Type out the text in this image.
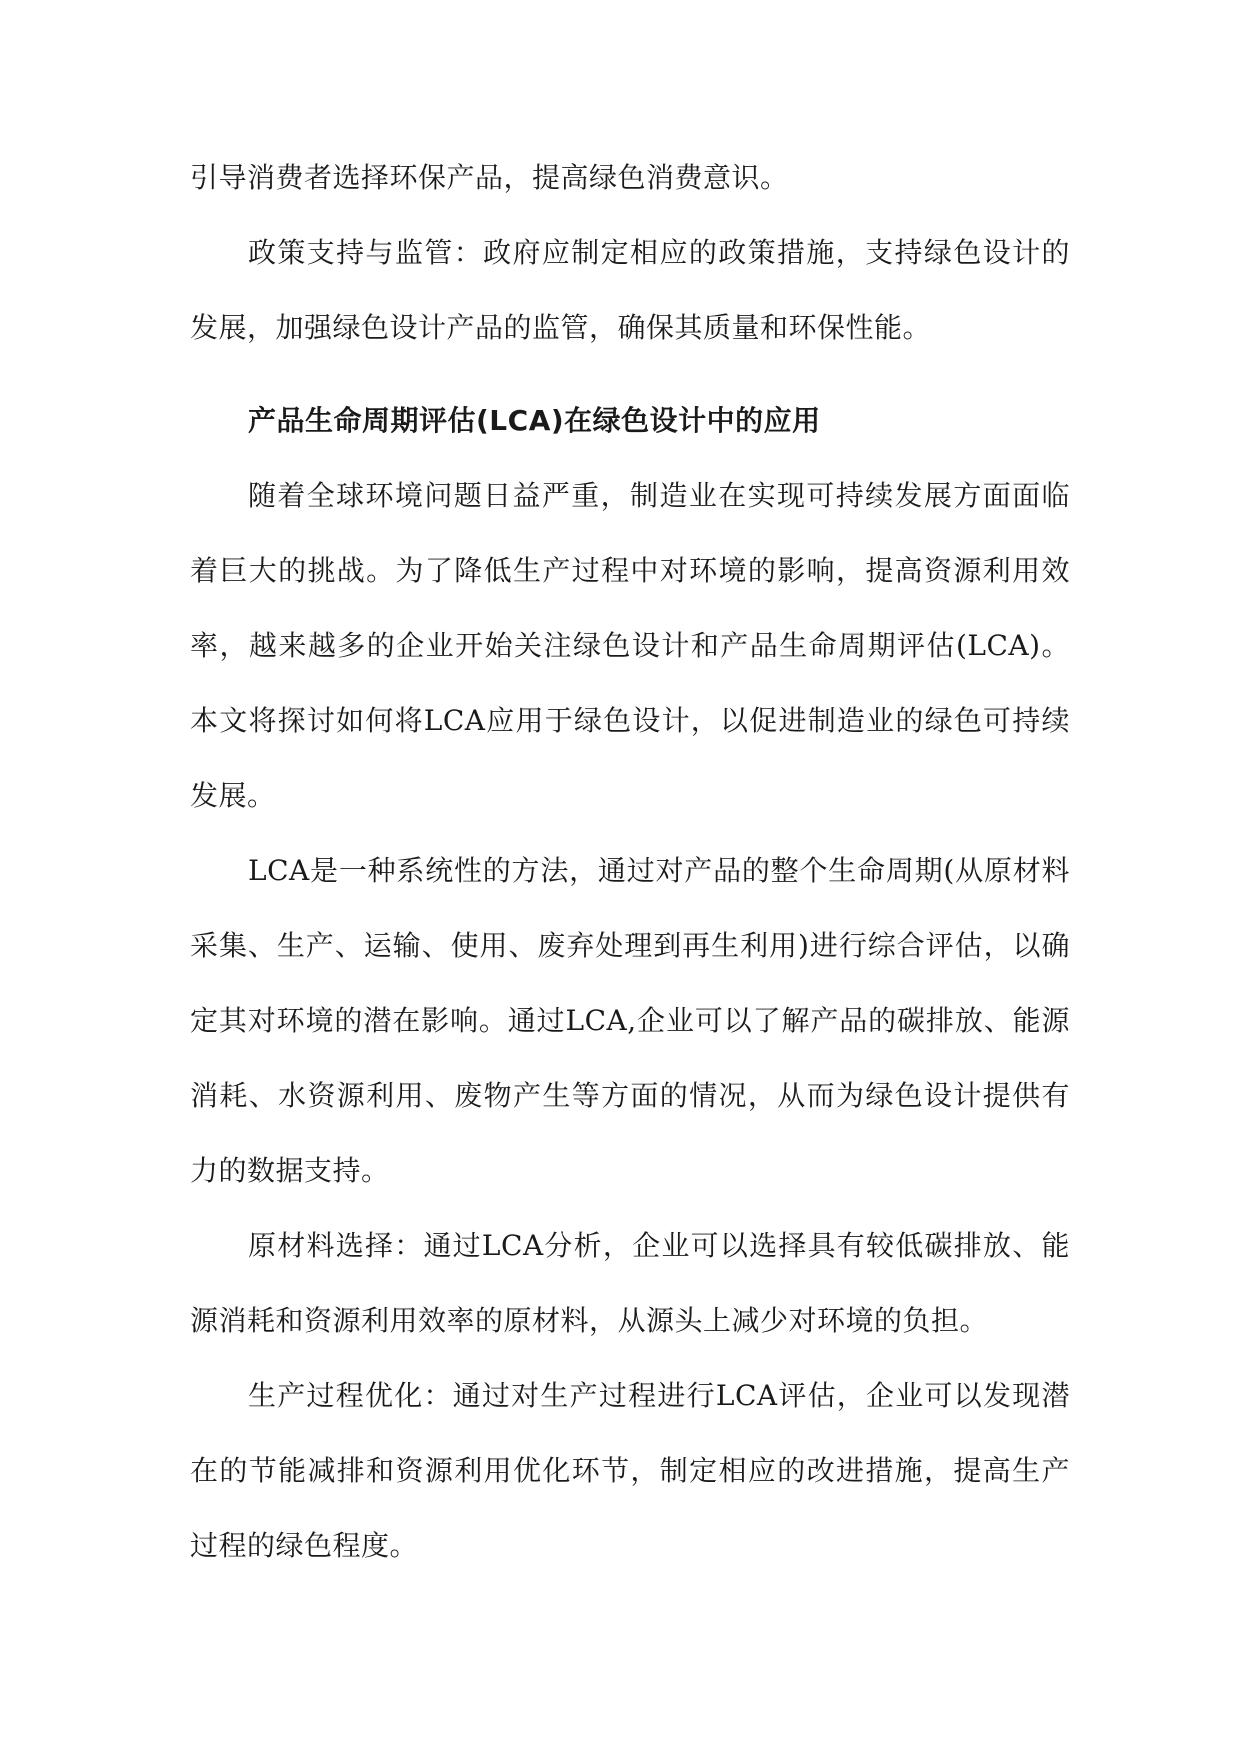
引导消费者选择环保产品，提高绿色消费意识。

政策支持与监管：政府应制定相应的政策措施，支持绿色设计的发展，加强绿色设计产品的监管，确保其质量和环保性能。

产品生命周期评估(LCA)在绿色设计中的应用

随着全球环境问题日益严重，制造业在实现可持续发展方面面临着巨大的挑战。为了降低生产过程中对环境的影响，提高资源利用效率，越来越多的企业开始关注绿色设计和产品生命周期评估(LCA)。本文将探讨如何将LCA应用于绿色设计，以促进制造业的绿色可持续发展。

LCA是一种系统性的方法，通过对产品的整个生命周期(从原材料采集、生产、运输、使用、废弃处理到再生利用)进行综合评估，以确定其对环境的潜在影响。通过LCA,企业可以了解产品的碳排放、能源消耗、水资源利用、废物产生等方面的情况，从而为绿色设计提供有力的数据支持。

原材料选择：通过LCA分析，企业可以选择具有较低碳排放、能源消耗和资源利用效率的原材料，从源头上减少对环境的负担。

生产过程优化：通过对生产过程进行LCA评估，企业可以发现潜在的节能减排和资源利用优化环节，制定相应的改进措施，提高生产过程的绿色程度。
